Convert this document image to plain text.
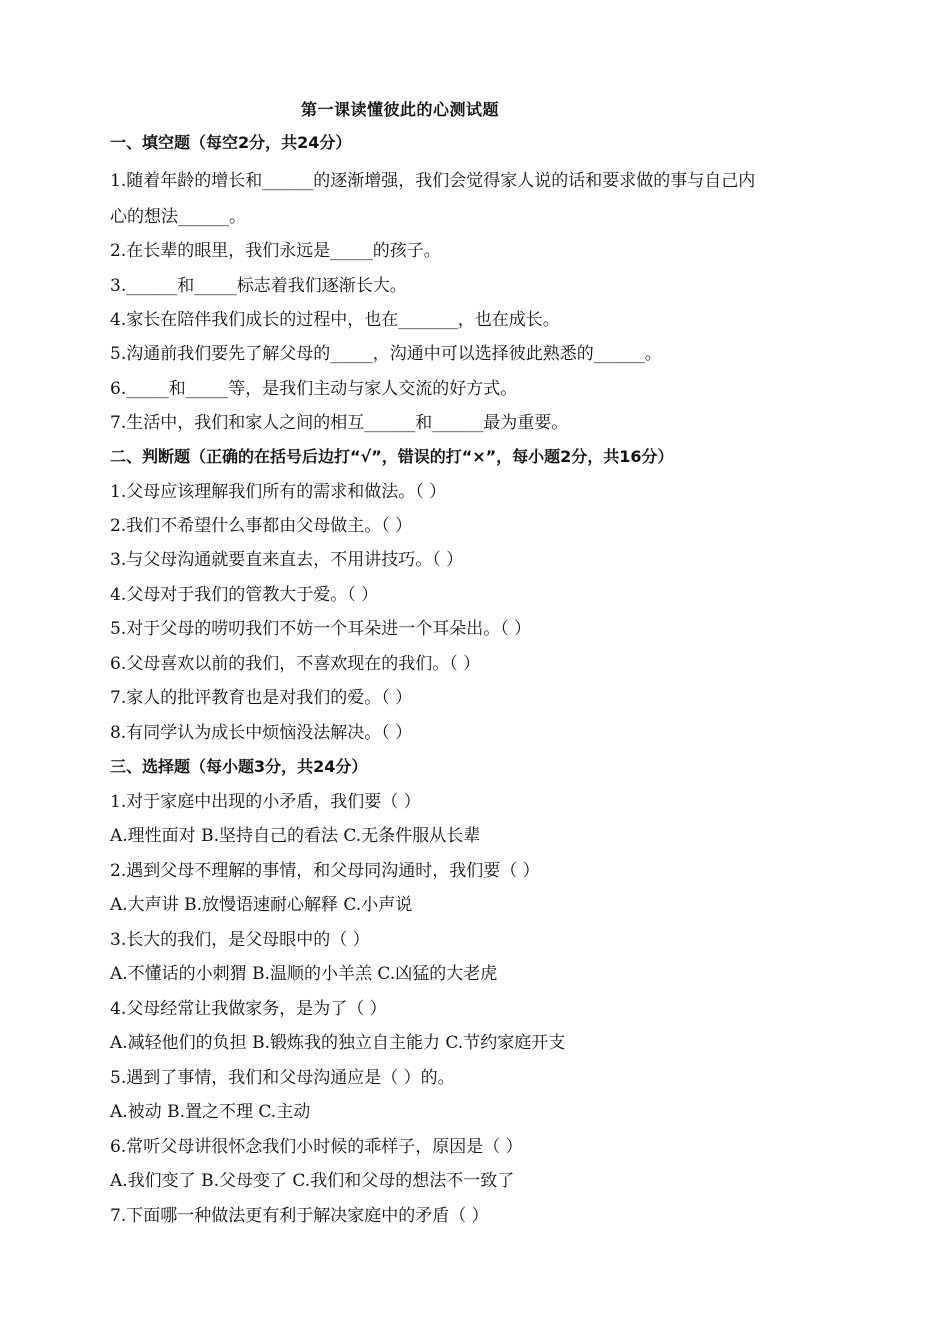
第一课读懂彼此的心测试题
一、填空题（每空2分，共24分）
1.随着年龄的增长和______的逐渐增强，我们会觉得家人说的话和要求做的事与自己内
心的想法______。
2.在长辈的眼里，我们永远是_____的孩子。
3.______和_____标志着我们逐渐长大。
4.家长在陪伴我们成长的过程中，也在_______，也在成长。
5.沟通前我们要先了解父母的_____，沟通中可以选择彼此熟悉的______。
6._____和_____等，是我们主动与家人交流的好方式。
7.生活中，我们和家人之间的相互______和______最为重要。
二、判断题（正确的在括号后边打“√”，错误的打“×”，每小题2分，共16分）
1.父母应该理解我们所有的需求和做法。（ ）
2.我们不希望什么事都由父母做主。（ ）
3.与父母沟通就要直来直去，不用讲技巧。（ ）
4.父母对于我们的管教大于爱。（ ）
5.对于父母的唠叨我们不妨一个耳朵进一个耳朵出。（ ）
6.父母喜欢以前的我们，不喜欢现在的我们。（ ）
7.家人的批评教育也是对我们的爱。（ ）
8.有同学认为成长中烦恼没法解决。（ ）
三、选择题（每小题3分，共24分）
1.对于家庭中出现的小矛盾，我们要（ ）
A.理性面对 B.坚持自己的看法 C.无条件服从长辈
2.遇到父母不理解的事情，和父母同沟通时，我们要（ ）
A.大声讲 B.放慢语速耐心解释 C.小声说
3.长大的我们，是父母眼中的（ ）
A.不懂话的小刺猬 B.温顺的小羊羔 C.凶猛的大老虎
4.父母经常让我做家务，是为了（ ）
A.减轻他们的负担 B.锻炼我的独立自主能力 C.节约家庭开支
5.遇到了事情，我们和父母沟通应是（ ）的。
A.被动 B.置之不理 C.主动
6.常听父母讲很怀念我们小时候的乖样子，原因是（ ）
A.我们变了 B.父母变了 C.我们和父母的想法不一致了
7.下面哪一种做法更有利于解决家庭中的矛盾（ ）
